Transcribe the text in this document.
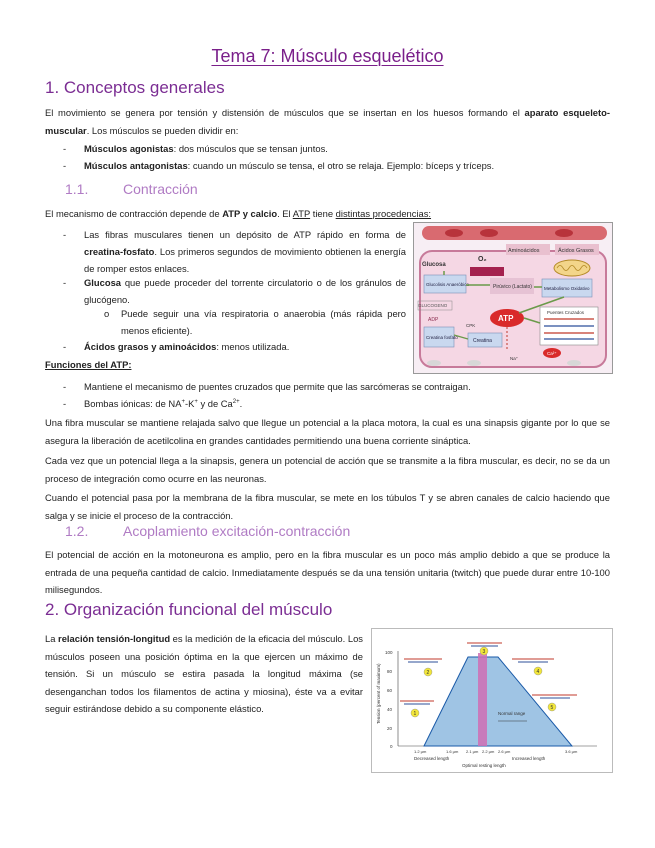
Tema 7: Músculo esquelético
1. Conceptos generales

El movimiento se genera por tensión y distensión de músculos que se insertan en los huesos formando el aparato esqueleto-muscular. Los músculos se pueden dividir en:

- Músculos agonistas: dos músculos que se tensan juntos.

- Músculos antagonistas: cuando un músculo se tensa, el otro se relaja. Ejemplo: bíceps y tríceps.

1.1. Contracción

El mecanismo de contracción depende de ATP y calcio. El ATP tiene distintas procedencias:

- Las fibras musculares tienen un depósito de ATP rápido en forma de creatina-fosfato. Los primeros segundos de movimiento obtienen la energía de romper estos enlaces.

- Glucosa que puede proceder del torrente circulatorio o de los gránulos de glucógeno.

o Puede seguir una vía respiratoria o anaerobia (más rápida pero menos eficiente).

- Ácidos grasos y aminoácidos: menos utilizada.

Aminoácidos	Ácidos Grasos
Glucosa
O₂
Glucolisis Anaeróbica	Pirúvico (Lactato)	Metabolismo Oxidativo
GLUCOGENO
ADP	ATP
CPK
Puentes Cruzados
Ca²⁺
Creatina fosfato
Creatina
Na⁺

Funciones del ATP:

- Mantiene el mecanismo de puentes cruzados que permite que las sarcómeras se contraigan.

- Bombas iónicas: de NA+-K+ y de $Ca^{2+}$.

Una fibra muscular se mantiene relajada salvo que llegue un potencial a la placa motora, la cual es una sinapsis gigante por lo que se asegura la liberación de acetilcolina en grandes cantidades permitiendo una buena corriente sináptica.

Cada vez que un potencial llega a la sinapsis, genera un potencial de acción que se transmite a la fibra muscular, es decir, no se da un proceso de integración como ocurre en las neuronas.

Cuando el potencial pasa por la membrana de la fibra muscular, se mete en los túbulos T y se abren canales de calcio haciendo que salga y se inicie el proceso de la contracción.

1.2. Acoplamiento excitación-contracción

El potencial de acción en la motoneurona es amplio, pero en la fibra muscular es un poco más amplio debido a que se produce la entrada de una pequeña cantidad de calcio. Inmediatamente después se da una tensión unitaria (twitch) que puede durar entre 10-100 milisegundos.

2. Organización funcional del músculo

La relación tensión-longitud es la medición de la eficacia del músculo. Los músculos poseen una posición óptima en la que ejercen un máximo de tensión. Si un músculo se estira pasada la longitud máxima (se desenganchan todos los filamentos de actina y miosina), éste va a evitar seguir estirándose debido a su componente elástico.	Tension (percent of maximum)
100
80
60
40
20
0
Normal range
1.2 µm	1.6 µm 2.1 µm 2.2 µm 2.6 µm	3.6 µm
Decreased length	Increased length
Optimal resting length
1
2
3
4
5
